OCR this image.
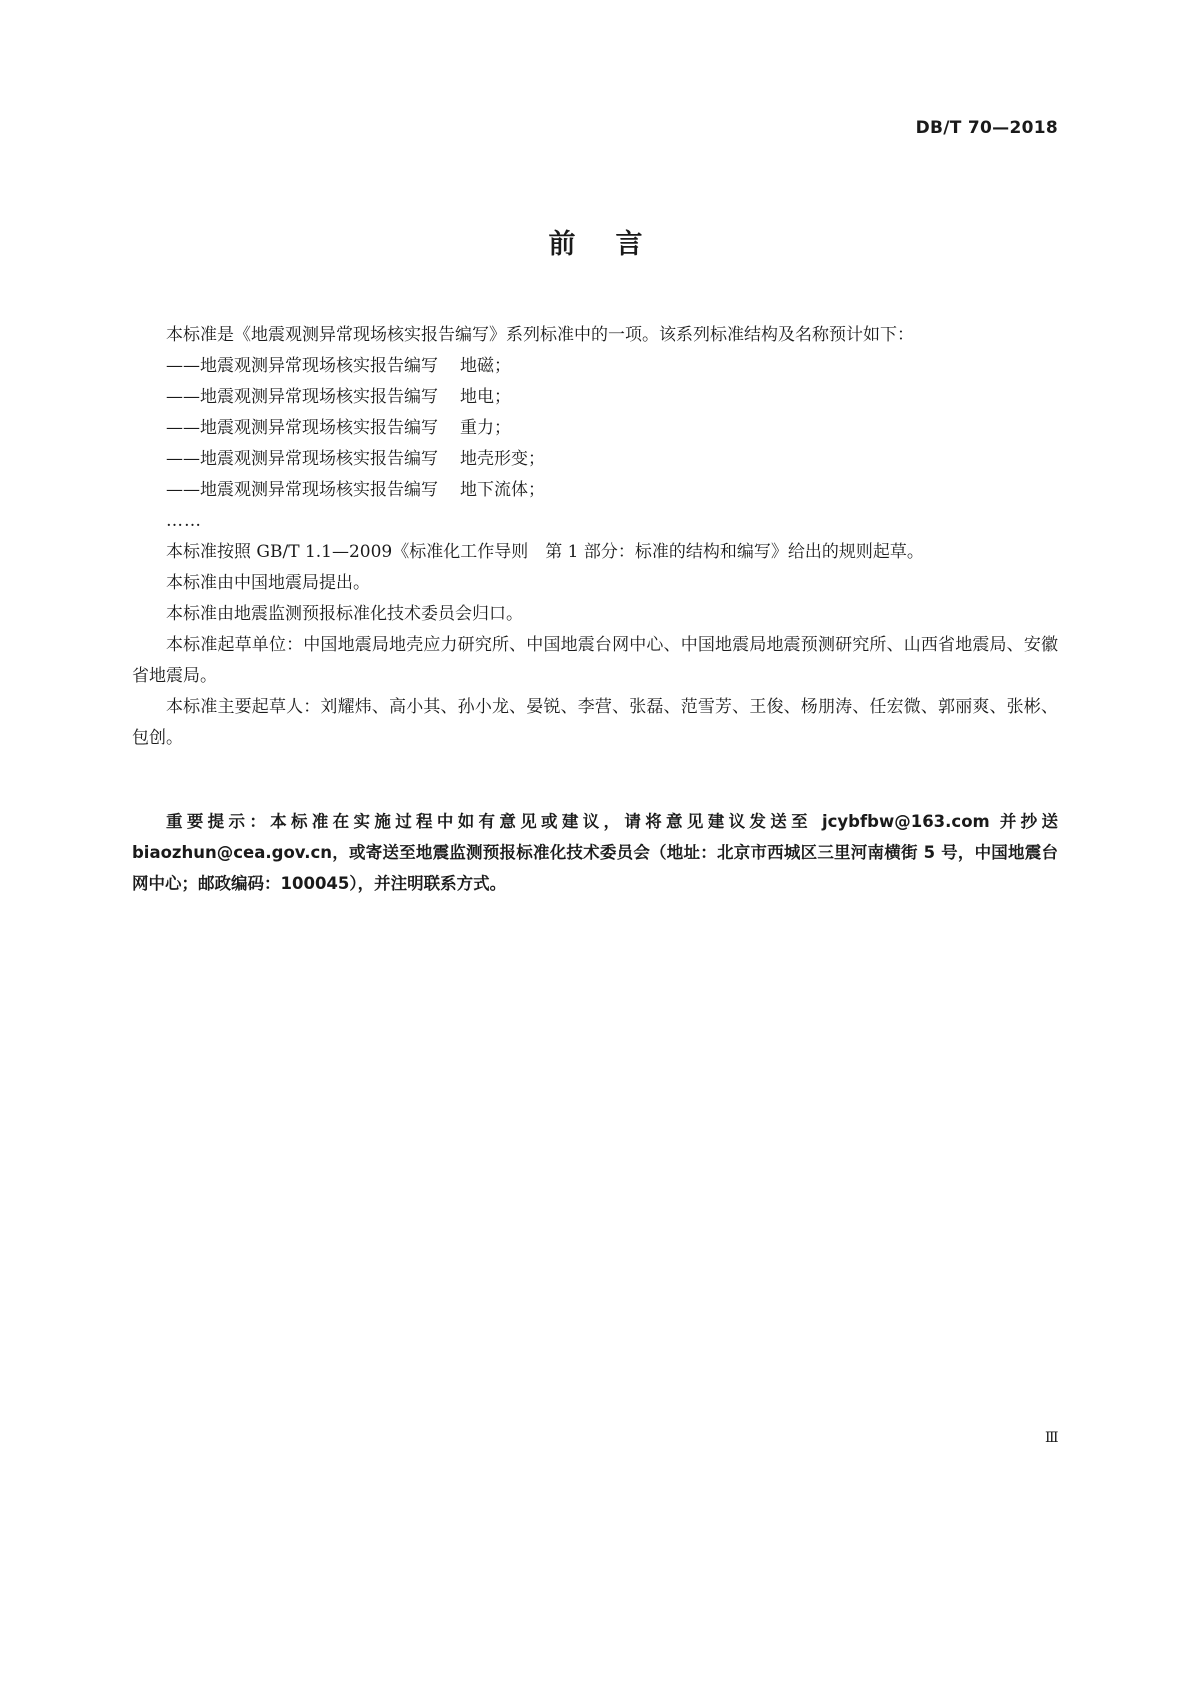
DB/T 70—2018
前言

本标准是《地震观测异常现场核实报告编写》系列标准中的一项。该系列标准结构及名称预计如下：

——地震观测异常现场核实报告编写 地磁；

——地震观测异常现场核实报告编写 地电；

——地震观测异常现场核实报告编写 重力；

——地震观测异常现场核实报告编写 地壳形变；

——地震观测异常现场核实报告编写 地下流体；

……

本标准按照 GB/T 1.1—2009《标准化工作导则　第 1 部分：标准的结构和编写》给出的规则起草。

本标准由中国地震局提出。

本标准由地震监测预报标准化技术委员会归口。

本标准起草单位：中国地震局地壳应力研究所、中国地震台网中心、中国地震局地震预测研究所、山西省地震局、安徽省地震局。

本标准主要起草人：刘耀炜、高小其、孙小龙、晏锐、李营、张磊、范雪芳、王俊、杨朋涛、任宏微、郭丽爽、张彬、包创。

重要提示：本标准在实施过程中如有意见或建议，请将意见建议发送至 jcybfbw@163.com 并抄送 biaozhun@cea.gov.cn，或寄送至地震监测预报标准化技术委员会（地址：北京市西城区三里河南横街 5 号，中国地震台网中心；邮政编码：100045），并注明联系方式。
Ⅲ
